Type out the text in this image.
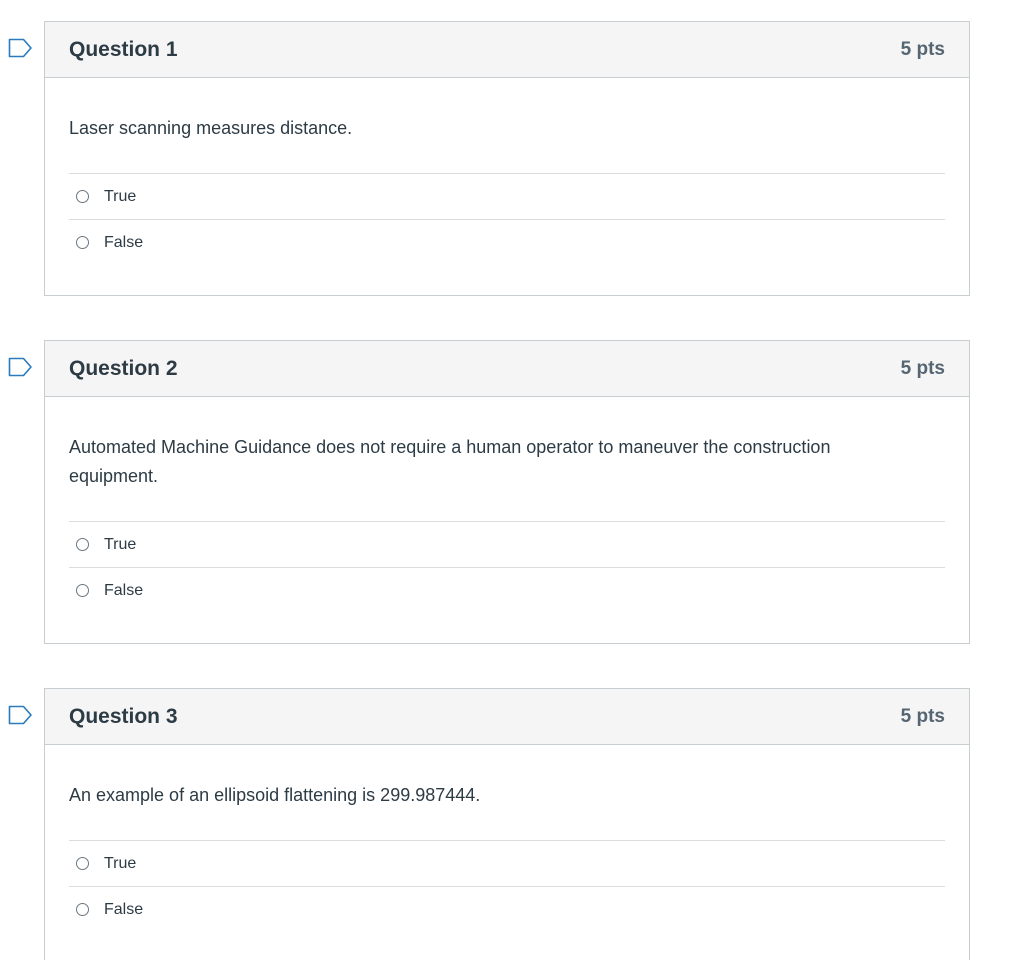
Question 1	5 pts

Laser scanning measures distance.

True
False
Question 2	5 pts

Automated Machine Guidance does not require a human operator to maneuver the construction equipment.

True
False
Question 3	5 pts

An example of an ellipsoid flattening is 299.987444.

True
False
